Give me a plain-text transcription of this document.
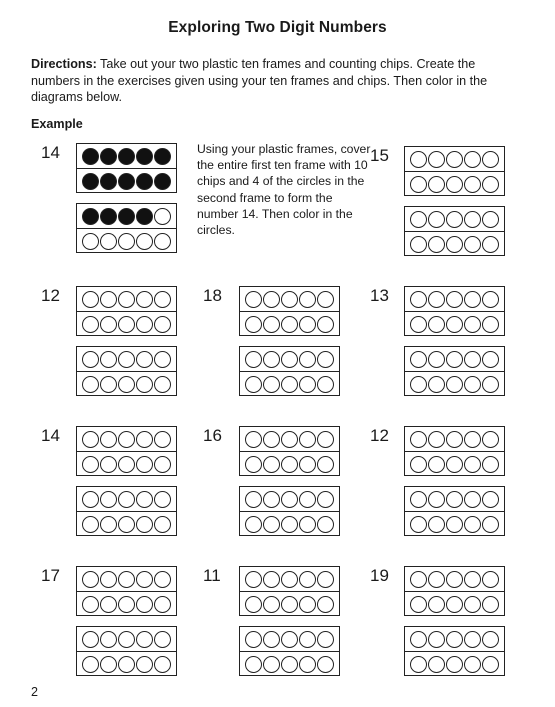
Exploring Two Digit Numbers
Directions: Take out your two plastic ten frames and counting chips. Create the numbers in the exercises given using your ten frames and chips. Then color in the diagrams below.
Example
14	Using your plastic frames, cover the entire first ten frame with 10 chips and 4 of the circles in the second frame to form the number 14. Then color in the circles.
15
12	18	13
14	16	12
17	11	19
2
